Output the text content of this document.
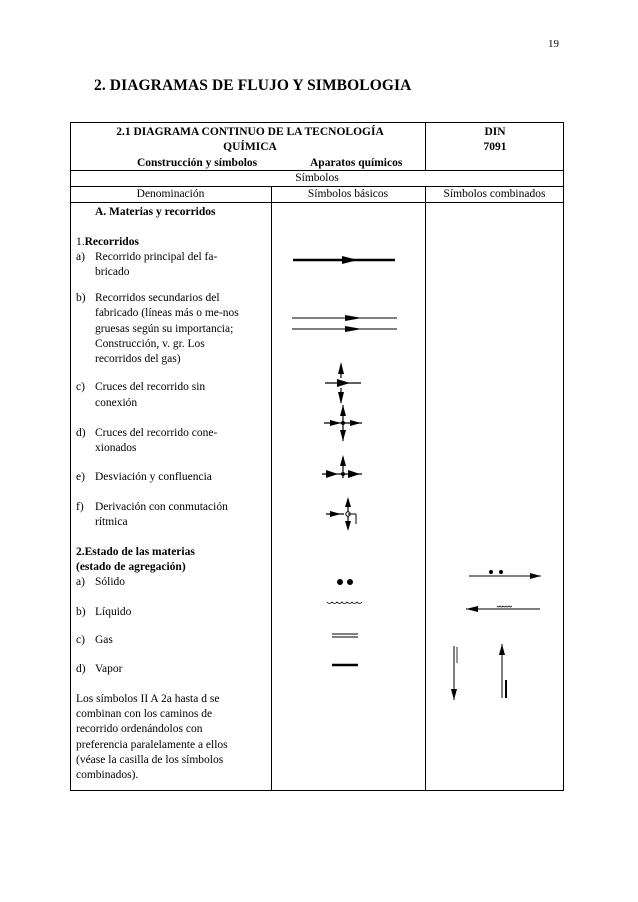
19
2. DIAGRAMAS DE FLUJO Y SIMBOLOGIA
2.1 DIAGRAMA CONTINUO DE LA TECNOLOGÍA
QUÍMICA
Construcción y símbolos	Aparatos químicos
DIN
7091
Símbolos
Denominación	Símbolos básicos	Símbolos combinados
A. Materias y recorridos
1.Recorridos
a) Recorrido principal del fa-
bricado
b) Recorridos secundarios del
fabricado (líneas más o me-nos
gruesas según su importancia;
Construcción, v. gr. Los
recorridos del gas)
c) Cruces del recorrido sin
conexión
d) Cruces del recorrido cone-
xionados
e) Desviación y confluencia
f) Derivación con conmutación
rítmica
2.Estado de las materias
(estado de agregación)
a) Sólido
b) Líquido
c) Gas
d) Vapor
Los símbolos II A 2a hasta d se
combinan con los caminos de
recorrido ordenándolos con
preferencia paralelamente a ellos
(véase la casilla de los símbolos
combinados).
